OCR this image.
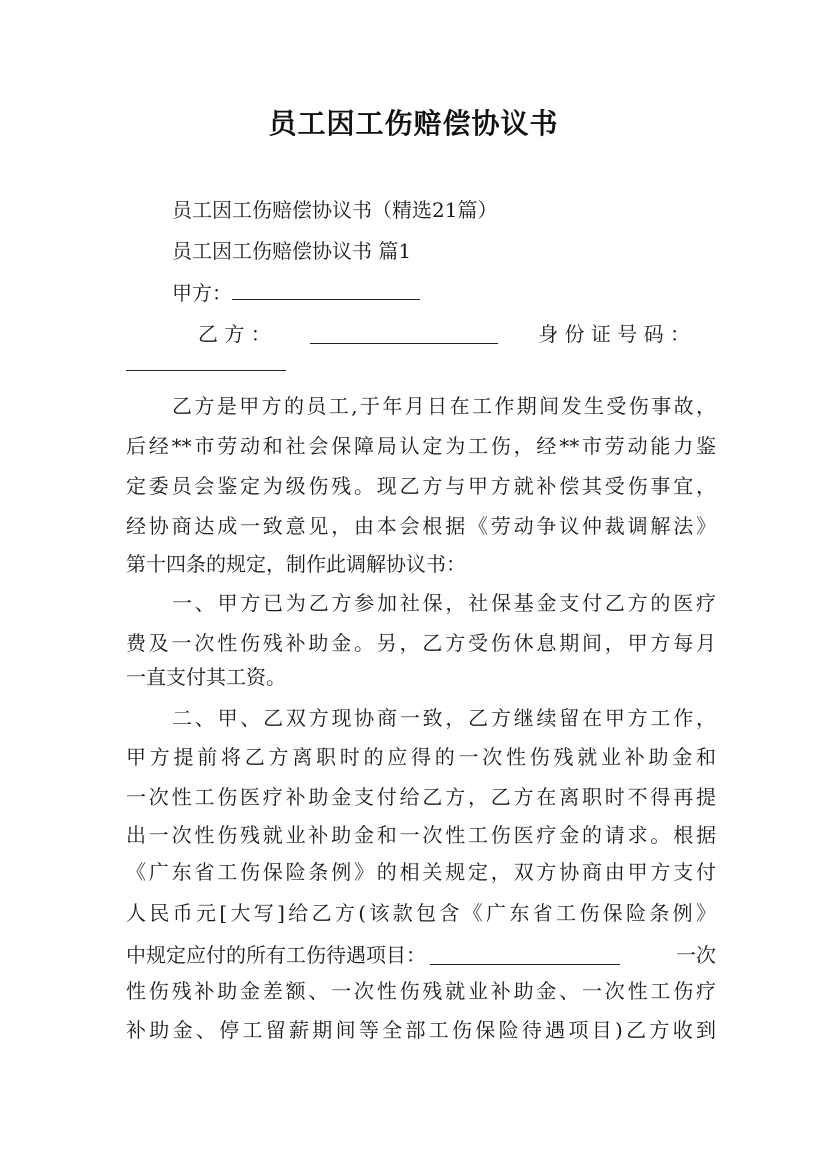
员工因工伤赔偿协议书
员工因工伤赔偿协议书（精选21篇）
员工因工伤赔偿协议书 篇1
甲方：
乙 方 ：	身 份 证 号 码 ：
乙方是甲方的员工,于年月日在工作期间发生受伤事故，
后经**市劳动和社会保障局认定为工伤，经**市劳动能力鉴
定委员会鉴定为级伤残。现乙方与甲方就补偿其受伤事宜，
经协商达成一致意见，由本会根据《劳动争议仲裁调解法》
第十四条的规定，制作此调解协议书：
一、甲方已为乙方参加社保，社保基金支付乙方的医疗
费及一次性伤残补助金。另，乙方受伤休息期间，甲方每月
一直支付其工资。
二、甲、乙双方现协商一致，乙方继续留在甲方工作，
甲方提前将乙方离职时的应得的一次性伤残就业补助金和
一次性工伤医疗补助金支付给乙方，乙方在离职时不得再提
出一次性伤残就业补助金和一次性工伤医疗金的请求。根据
《广东省工伤保险条例》的相关规定，双方协商由甲方支付
人民币元[大写]给乙方(该款包含《广东省工伤保险条例》
中规定应付的所有工伤待遇项目：	一次
性伤残补助金差额、一次性伤残就业补助金、一次性工伤疗
补助金、停工留薪期间等全部工伤保险待遇项目)乙方收到
